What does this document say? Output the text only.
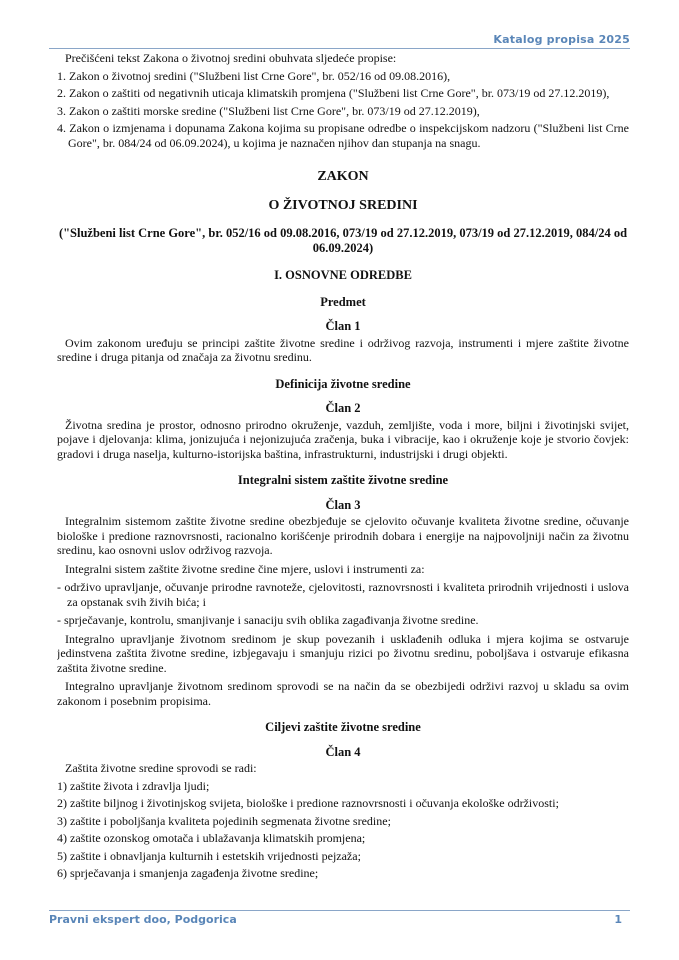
Katalog propisa 2025

Prečišćeni tekst Zakona o životnoj sredini obuhvata sljedeće propise:

1. Zakon o životnoj sredini ("Službeni list Crne Gore", br. 052/16 od 09.08.2016),
2. Zakon o zaštiti od negativnih uticaja klimatskih promjena ("Službeni list Crne Gore", br. 073/19 od 27.12.2019),
3. Zakon o zaštiti morske sredine ("Službeni list Crne Gore", br. 073/19 od 27.12.2019),
4. Zakon o izmjenama i dopunama Zakona kojima su propisane odredbe o inspekcijskom nadzoru ("Službeni list Crne Gore", br. 084/24 od 06.09.2024), u kojima je naznačen njihov dan stupanja na snagu.
ZAKON
O ŽIVOTNOJ SREDINI
("Službeni list Crne Gore", br. 052/16 od 09.08.2016, 073/19 od 27.12.2019, 073/19 od 27.12.2019, 084/24 od 06.09.2024)
I. OSNOVNE ODREDBE
Predmet
Član 1

Ovim zakonom uređuju se principi zaštite životne sredine i održivog razvoja, instrumenti i mjere zaštite životne sredine i druga pitanja od značaja za životnu sredinu.

Definicija životne sredine
Član 2

Životna sredina je prostor, odnosno prirodno okruženje, vazduh, zemljište, voda i more, biljni i životinjski svijet, pojave i djelovanja: klima, jonizujuća i nejonizujuća zračenja, buka i vibracije, kao i okruženje koje je stvorio čovjek: gradovi i druga naselja, kulturno-istorijska baština, infrastrukturni, industrijski i drugi objekti.

Integralni sistem zaštite životne sredine
Član 3

Integralnim sistemom zaštite životne sredine obezbjeđuje se cjelovito očuvanje kvaliteta životne sredine, očuvanje biološke i predione raznovrsnosti, racionalno korišćenje prirodnih dobara i energije na najpovoljniji način za životnu sredinu, kao osnovni uslov održivog razvoja.

Integralni sistem zaštite životne sredine čine mjere, uslovi i instrumenti za:

- održivo upravljanje, očuvanje prirodne ravnoteže, cjelovitosti, raznovrsnosti i kvaliteta prirodnih vrijednosti i uslova za opstanak svih živih bića; i
- sprječavanje, kontrolu, smanjivanje i sanaciju svih oblika zagađivanja životne sredine.

Integralno upravljanje životnom sredinom je skup povezanih i usklađenih odluka i mjera kojima se ostvaruje jedinstvena zaštita životne sredine, izbjegavaju i smanjuju rizici po životnu sredinu, poboljšava i ostvaruje efikasna zaštita životne sredine.

Integralno upravljanje životnom sredinom sprovodi se na način da se obezbijedi održivi razvoj u skladu sa ovim zakonom i posebnim propisima.

Ciljevi zaštite životne sredine
Član 4

Zaštita životne sredine sprovodi se radi:

1) zaštite života i zdravlja ljudi;
2) zaštite biljnog i životinjskog svijeta, biološke i predione raznovrsnosti i očuvanja ekološke održivosti;
3) zaštite i poboljšanja kvaliteta pojedinih segmenata životne sredine;
4) zaštite ozonskog omotača i ublažavanja klimatskih promjena;
5) zaštite i obnavljanja kulturnih i estetskih vrijednosti pejzaža;
6) sprječavanja i smanjenja zagađenja životne sredine;
Pravni ekspert doo, Podgorica	1
